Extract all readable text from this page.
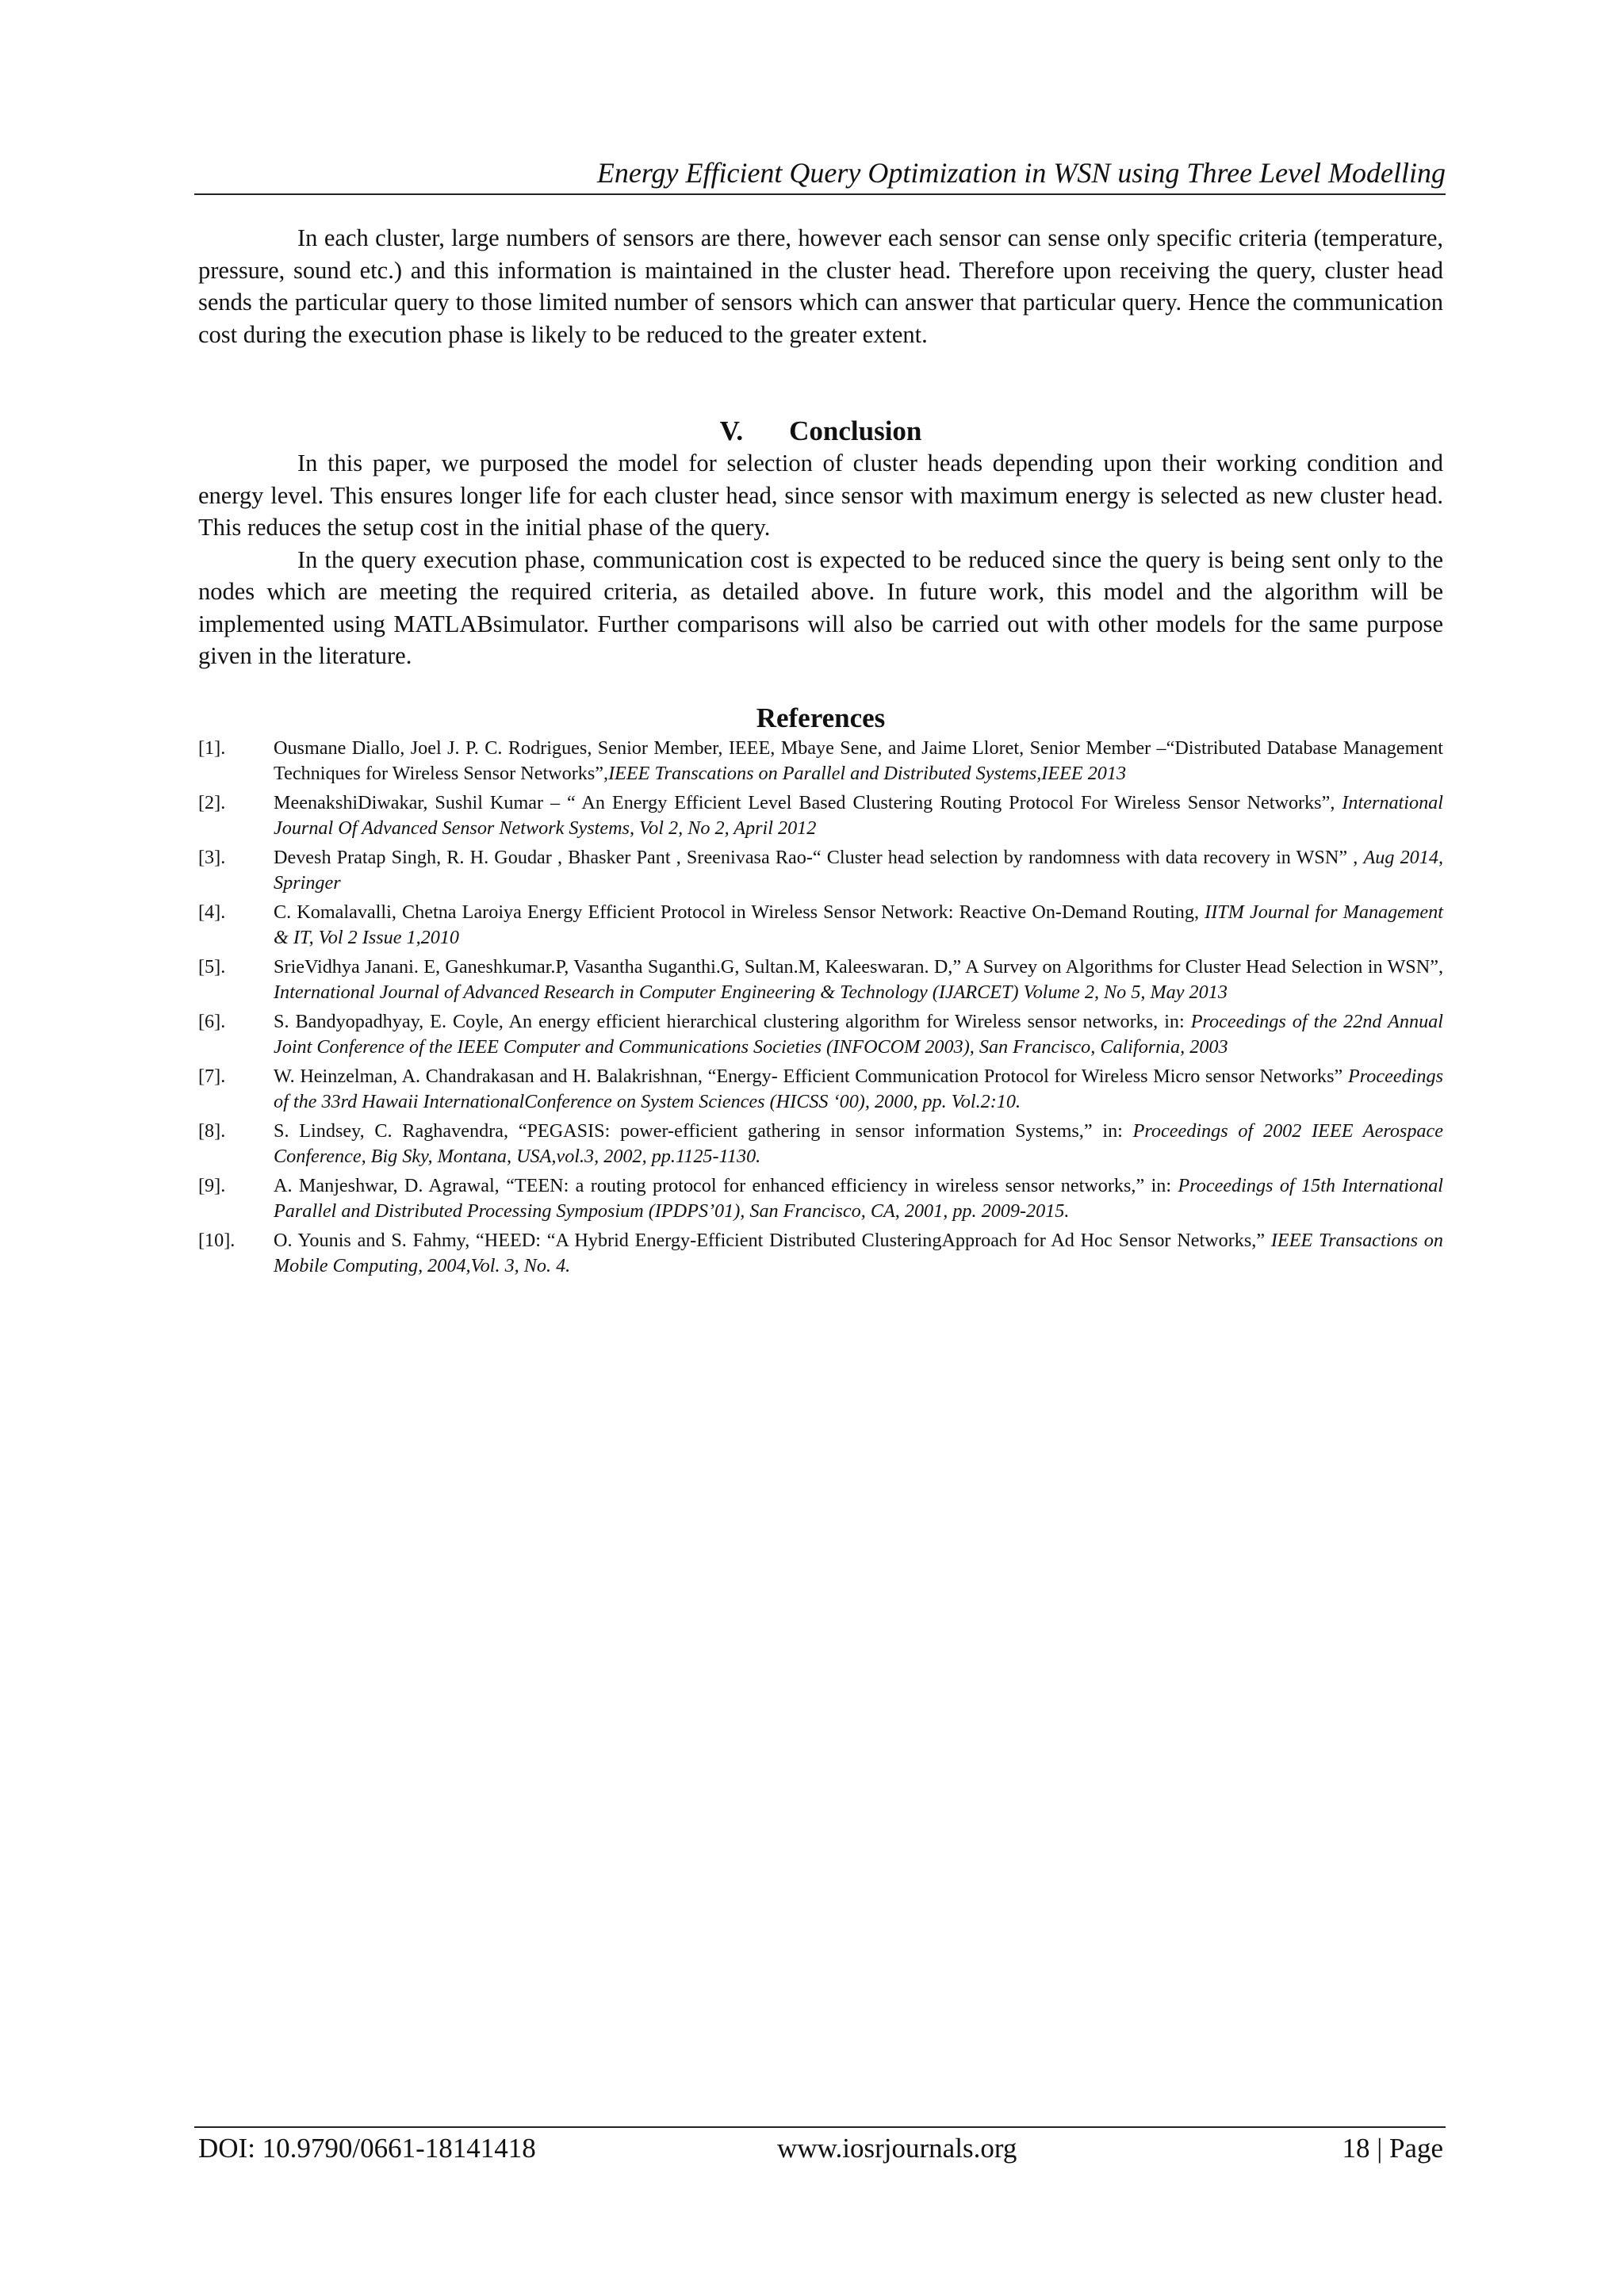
Energy Efficient Query Optimization in WSN using Three Level Modelling

In each cluster, large numbers of sensors are there, however each sensor can sense only specific criteria (temperature, pressure, sound etc.) and this information is maintained in the cluster head. Therefore upon receiving the query, cluster head sends the particular query to those limited number of sensors which can answer that particular query. Hence the communication cost during the execution phase is likely to be reduced to the greater extent.

V. Conclusion

In this paper, we purposed the model for selection of cluster heads depending upon their working condition and energy level. This ensures longer life for each cluster head, since sensor with maximum energy is selected as new cluster head. This reduces the setup cost in the initial phase of the query.

In the query execution phase, communication cost is expected to be reduced since the query is being sent only to the nodes which are meeting the required criteria, as detailed above. In future work, this model and the algorithm will be implemented using MATLABsimulator. Further comparisons will also be carried out with other models for the same purpose given in the literature.

References
[1].	Ousmane Diallo, Joel J. P. C. Rodrigues, Senior Member, IEEE, Mbaye Sene, and Jaime Lloret, Senior Member –“Distributed Database Management Techniques for Wireless Sensor Networks”,IEEE Transcations on Parallel and Distributed Systems,IEEE 2013
[2].	MeenakshiDiwakar, Sushil Kumar – “ An Energy Efficient Level Based Clustering Routing Protocol For Wireless Sensor Networks”, International Journal Of Advanced Sensor Network Systems, Vol 2, No 2, April 2012
[3].	Devesh Pratap Singh, R. H. Goudar , Bhasker Pant , Sreenivasa Rao-“ Cluster head selection by randomness with data recovery in WSN” , Aug 2014, Springer
[4].	C. Komalavalli, Chetna Laroiya Energy Efficient Protocol in Wireless Sensor Network: Reactive On-Demand Routing, IITM Journal for Management & IT, Vol 2 Issue 1,2010
[5].	SrieVidhya Janani. E, Ganeshkumar.P, Vasantha Suganthi.G, Sultan.M, Kaleeswaran. D,” A Survey on Algorithms for Cluster Head Selection in WSN”, International Journal of Advanced Research in Computer Engineering & Technology (IJARCET) Volume 2, No 5, May 2013
[6].	S. Bandyopadhyay, E. Coyle, An energy efficient hierarchical clustering algorithm for Wireless sensor networks, in: Proceedings of the 22nd Annual Joint Conference of the IEEE Computer and Communications Societies (INFOCOM 2003), San Francisco, California, 2003
[7].	W. Heinzelman, A. Chandrakasan and H. Balakrishnan, “Energy- Efficient Communication Protocol for Wireless Micro sensor Networks” Proceedings of the 33rd Hawaii InternationalConference on System Sciences (HICSS ‘00), 2000, pp. Vol.2:10.
[8].	S. Lindsey, C. Raghavendra, “PEGASIS: power-efficient gathering in sensor information Systems,” in: Proceedings of 2002 IEEE Aerospace Conference, Big Sky, Montana, USA,vol.3, 2002, pp.1125-1130.
[9].	A. Manjeshwar, D. Agrawal, “TEEN: a routing protocol for enhanced efficiency in wireless sensor networks,” in: Proceedings of 15th International Parallel and Distributed Processing Symposium (IPDPS’01), San Francisco, CA, 2001, pp. 2009-2015.
[10].	O. Younis and S. Fahmy, “HEED: “A Hybrid Energy-Efficient Distributed ClusteringApproach for Ad Hoc Sensor Networks,” IEEE Transactions on Mobile Computing, 2004,Vol. 3, No. 4.
DOI: 10.9790/0661-18141418	www.iosrjournals.org	18 | Page
